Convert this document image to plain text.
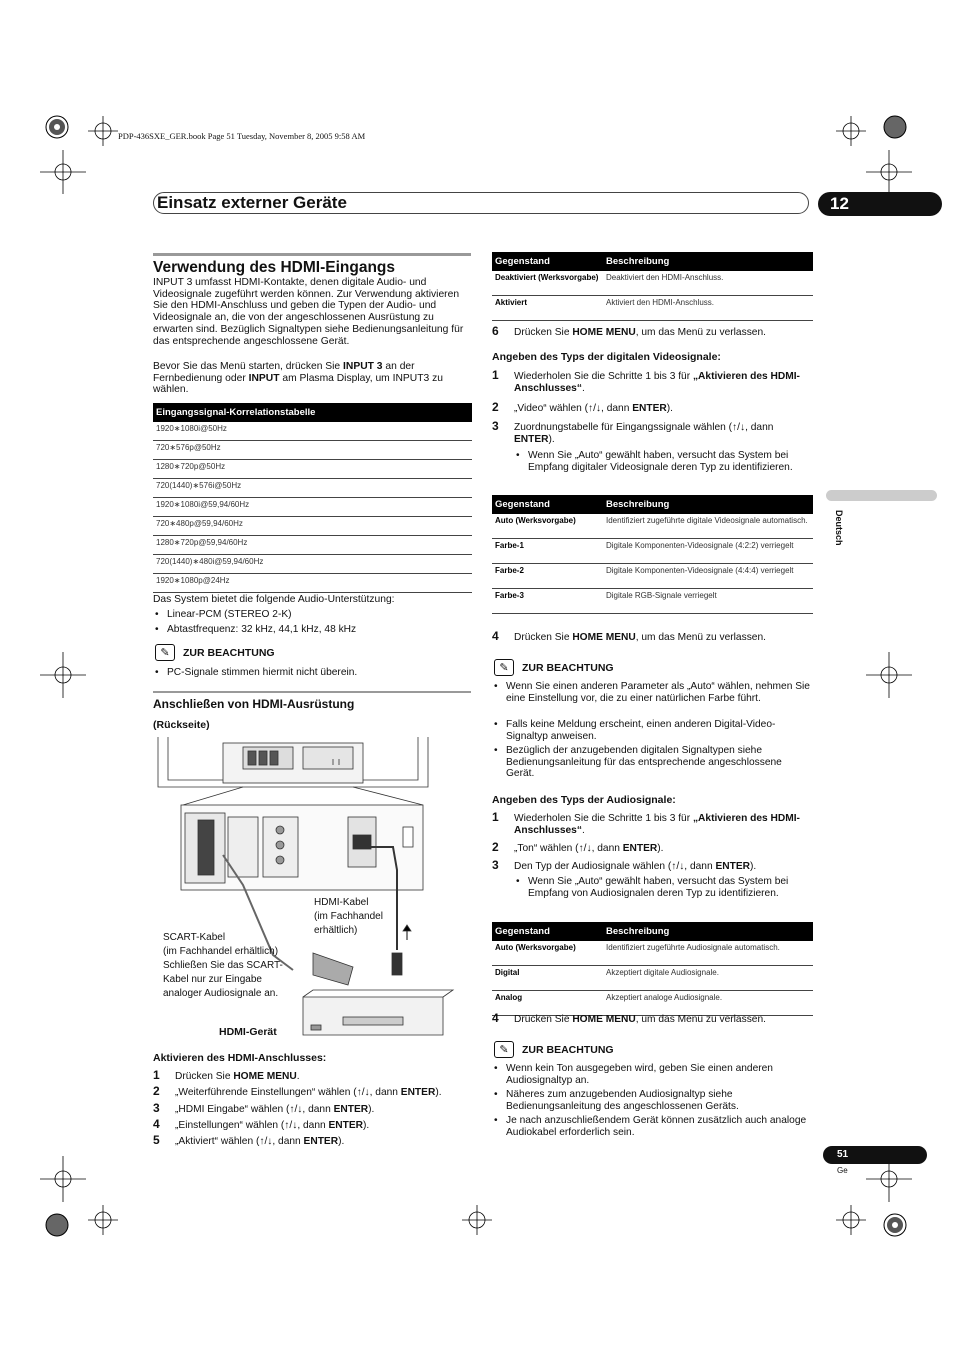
PDP-436SXE_GER.book Page 51 Tuesday, November 8, 2005 9:58 AM
Einsatz externer Geräte	12
Deutsch
Verwendung des HDMI-Eingangs

INPUT 3 umfasst HDMI-Kontakte, denen digitale Audio- und Videosignale zugeführt werden können. Zur Verwendung aktivieren Sie den HDMI-Anschluss und geben die Typen der Audio- und Videosignale an, die von der angeschlossenen Ausrüstung zu erwarten sind. Bezüglich Signaltypen siehe Bedienungsanleitung für das entsprechende angeschlossene Gerät.

Bevor Sie das Menü starten, drücken Sie INPUT 3 an der Fernbedienung oder INPUT am Plasma Display, um INPUT3 zu wählen.

Eingangssignal-Korrelationstabelle
1920∗1080i@50Hz
720∗576p@50Hz
1280∗720p@50Hz
720(1440)∗576i@50Hz
1920∗1080i@59,94/60Hz
720∗480p@59,94/60Hz
1280∗720p@59,94/60Hz
720(1440)∗480i@59,94/60Hz
1920∗1080p@24Hz

Das System bietet die folgende Audio-Unterstützung:

• Linear-PCM (STEREO 2-K)
• Abtastfrequenz: 32 kHz, 44,1 kHz, 48 kHz
✎	ZUR BEACHTUNG
• PC-Signale stimmen hiermit nicht überein.
Anschließen von HDMI-Ausrüstung
(Rückseite)
HDMI-Kabel
(im Fachhandel
erhältlich)
SCART-Kabel
(im Fachhandel erhältlich)
Schließen Sie das SCART-
Kabel nur zur Eingabe
analoger Audiosignale an.
HDMI-Gerät
Aktivieren des HDMI-Anschlusses:
1 Drücken Sie HOME MENU.
2 „Weiterführende Einstellungen“ wählen (↑/↓, dann ENTER).
3 „HDMI Eingabe“ wählen (↑/↓, dann ENTER).
4 „Einstellungen“ wählen (↑/↓, dann ENTER).
5 „Aktiviert“ wählen (↑/↓, dann ENTER).
Gegenstand	Beschreibung
Deaktiviert (Werksvorgabe)	Deaktiviert den HDMI-Anschluss.
Aktiviert	Aktiviert den HDMI-Anschluss.
6 Drücken Sie HOME MENU, um das Menü zu verlassen.
Angeben des Typs der digitalen Videosignale:
1 Wiederholen Sie die Schritte 1 bis 3 für „Aktivieren des HDMI-Anschlusses“.
2 „Video“ wählen (↑/↓, dann ENTER).
3 Zuordnungstabelle für Eingangssignale wählen (↑/↓, dann ENTER).
• Wenn Sie „Auto“ gewählt haben, versucht das System bei Empfang digitaler Videosignale deren Typ zu identifizieren.
Gegenstand	Beschreibung
Auto (Werksvorgabe)	Identifiziert zugeführte digitale Videosignale automatisch.
Farbe-1	Digitale Komponenten-Videosignale (4:2:2) verriegelt
Farbe-2	Digitale Komponenten-Videosignale (4:4:4) verriegelt
Farbe-3	Digitale RGB-Signale verriegelt
4 Drücken Sie HOME MENU, um das Menü zu verlassen.
✎	ZUR BEACHTUNG
• Wenn Sie einen anderen Parameter als „Auto“ wählen, nehmen Sie eine Einstellung vor, die zu einer natürlichen Farbe führt.
• Falls keine Meldung erscheint, einen anderen Digital-Video-Signaltyp anweisen.
• Bezüglich der anzugebenden digitalen Signaltypen siehe Bedienungsanleitung für das entsprechende angeschlossene Gerät.
Angeben des Typs der Audiosignale:
1 Wiederholen Sie die Schritte 1 bis 3 für „Aktivieren des HDMI-Anschlusses“.
2 „Ton“ wählen (↑/↓, dann ENTER).
3 Den Typ der Audiosignale wählen (↑/↓, dann ENTER).
• Wenn Sie „Auto“ gewählt haben, versucht das System bei Empfang von Audiosignalen deren Typ zu identifizieren.
Gegenstand	Beschreibung
Auto (Werksvorgabe)	Identifiziert zugeführte Audiosignale automatisch.
Digital	Akzeptiert digitale Audiosignale.
Analog	Akzeptiert analoge Audiosignale.
4 Drücken Sie HOME MENU, um das Menü zu verlassen.
✎	ZUR BEACHTUNG
• Wenn kein Ton ausgegeben wird, geben Sie einen anderen Audiosignaltyp an.
• Näheres zum anzugebenden Audiosignaltyp siehe Bedienungsanleitung des angeschlossenen Geräts.
• Je nach anzuschließendem Gerät können zusätzlich auch analoge Audiokabel erforderlich sein.
51
Ge
